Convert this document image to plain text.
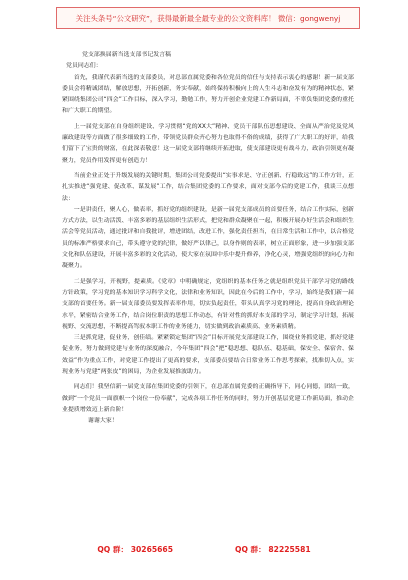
关注头条号“公文研究”，获得最新最全最专业的公文资料库！ 微信：gongwenyj

党支部换届新当选支部书记发言稿

党员同志们：

首先，我谨代表新当选的支部委员，对总部直属党委和各位党员的信任与支持表示衷心的感谢！新一届支部委员会将精诚团结，解放思想，开拓创新，务实奉献，始终保持积极向上的人生斗志和奋发有为的精神状态，紧紧围绕集团公司“四会”工作目标，深入学习，勤勉工作，努力开创企业党建工作新局面，不辜负集团党委的重托和广大职工的期望。

上一届党支部在自身组织建设、学习贯彻“党的XX大”精神、党员干部队伍思想建设、全面从严治党及党风廉政建设等方面做了很多细致的工作，带领党员群众齐心努力也取得不俗的成绩，获得了广大职工的好评，给我们留下了宝贵的财富，在此深表敬意！这一届党支部将继续开拓进取，使支部建设更有战斗力，政治引领更有凝聚力，党员作用发挥更有创造力！

当前企业正处于升级发展的关键时期，集团公司党委提出“实事求是、守正创新、行稳致远”的工作方针，正扎实推进“强党建、促改革、谋发展”工作，结合集团党委的工作要求，面对支部今后的党建工作，我谈三点想法：

一是讲责任，聚人心，做表率，抓好党的组织建设，是新一届党支部成员的首要任务，结合工作实际，创新方式方法，以生动活泼、丰富多彩的基层组织生活形式，把党和群众凝聚在一起，积极开展办好生活会和组织生活会等党员活动，通过批评和自我批评，增进团结，改进工作，强化责任担当，在日常生活和工作中，以合格党员的标准严格要求自己，带头遵守党的纪律，做好严以律己，以身作则的表率，树立正面形象，进一步加强支部文化和队伍建设，开展丰富多彩的文化活动，使大家在氛围中乐中提升修养，净化心灵，增强党组织的向心力和凝聚力。

二是强学习，开视野，提素质。《党章》中明确规定，党组织的基本任务之就是组织党员干部学习党的路线方针政策，学习党的基本知识学习科学文化，法律和业务知识，因此在今后的工作中，学习，始终是我们新一届支部的首要任务。新一届支部委员要发挥表率作用，切实负起责任，带头认真学习党的理论，提高自身政治理论水平，紧密结合业务工作，结合岗位职责的思想工作动态，有针对性的抓好本支部的学习，制定学习计划，拓展视野、交流思想，不断提高驾驭本职工作的业务能力，切实做到政治素质高、业务素质精。

三是抓党建，促业务，创佳绩。紧紧锁定集团“四会”目标开展党支部建设工作，围绕业务抓党建，抓好党建促业务，努力做到党建与业务的深度融合，今年集团“四会”把“稳思想、稳队伍、稳基础，保安全、保宿舍、保效益”作为重点工作，对党建工作提出了更高的要求，支部委员要结合日常业务工作思考探索，找准切入点，实现业务与党建“两张皮”的困局，为企业发展推波助力。

同志们！我坚信新一届党支部在集团党委的引领下，在总部直属党委的正确指导下，同心同德，团结一致，做到“一个党员一面旗帜一个岗位一份奉献”，完成各项工作任务的同时，努力开创基层党建工作新局面，推动企业提质增效迈上新台阶！

谢谢大家！

QQ 群： 30265665	QQ 群： 82225581
